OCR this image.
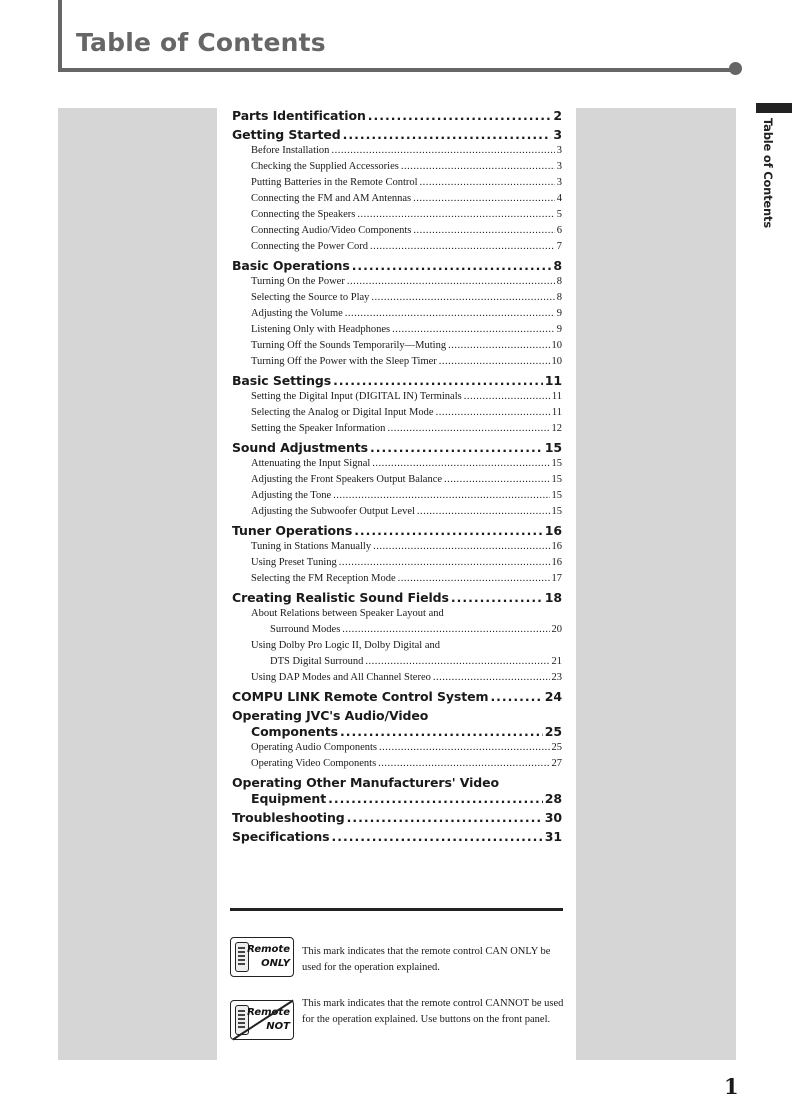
Table of Contents
Table of Contents
Parts Identification .....	2
Getting Started .....	3
Before Installation .....	3
Checking the Supplied Accessories .....	3
Putting Batteries in the Remote Control .....	3
Connecting the FM and AM Antennas .....	4
Connecting the Speakers .....	5
Connecting Audio/Video Components .....	6
Connecting the Power Cord .....	7
Basic Operations .....	8
Turning On the Power .....	8
Selecting the Source to Play .....	8
Adjusting the Volume .....	9
Listening Only with Headphones .....	9
Turning Off the Sounds Temporarily—Muting .....	10
Turning Off the Power with the Sleep Timer .....	10
Basic Settings .....	11
Setting the Digital Input (DIGITAL IN) Terminals .....	11
Selecting the Analog or Digital Input Mode .....	11
Setting the Speaker Information .....	12
Sound Adjustments .....	15
Attenuating the Input Signal .....	15
Adjusting the Front Speakers Output Balance .....	15
Adjusting the Tone .....	15
Adjusting the Subwoofer Output Level .....	15
Tuner Operations .....	16
Tuning in Stations Manually .....	16
Using Preset Tuning .....	16
Selecting the FM Reception Mode .....	17
Creating Realistic Sound Fields .....	18
About Relations between Speaker Layout and
Surround Modes .....	20
Using Dolby Pro Logic II, Dolby Digital and
DTS Digital Surround .....	21
Using DAP Modes and All Channel Stereo .....	23
COMPU LINK Remote Control System .....	24
Operating JVC's Audio/Video
Components .....	25
Operating Audio Components .....	25
Operating Video Components .....	27
Operating Other Manufacturers' Video
Equipment .....	28
Troubleshooting .....	30
Specifications .....	31
Remote
ONLY
This mark indicates that the remote control CAN ONLY be used for the operation explained.
Remote
NOT
This mark indicates that the remote control CANNOT be used for the operation explained. Use buttons on the front panel.

1
